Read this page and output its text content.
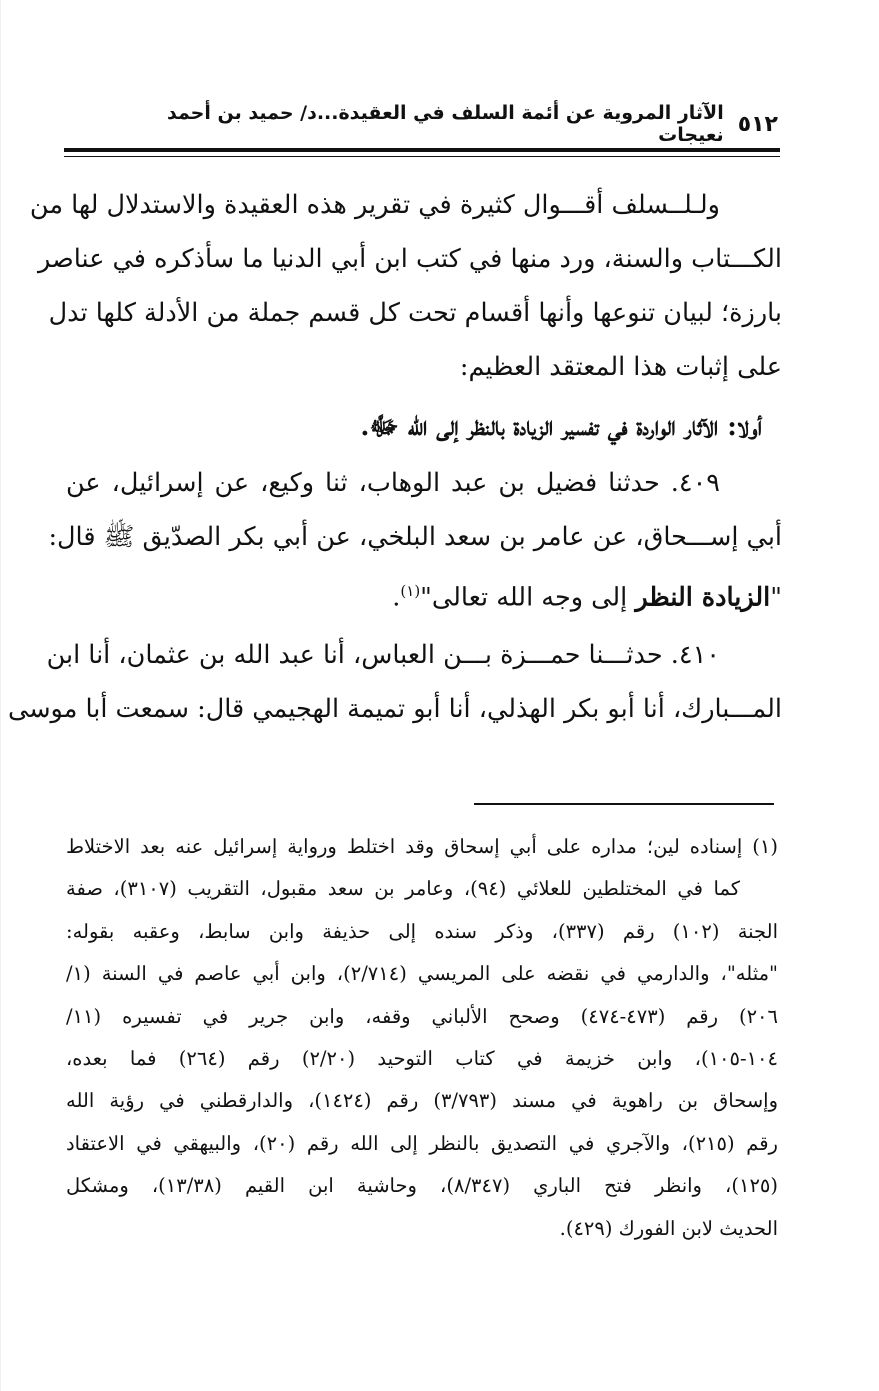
٥١٢
الآثار المروية عن أئمة السلف في العقيدة...د/ حميد بن أحمد نعيجات
ولـلــسلف أقـــوال كثيرة في تقرير هذه العقيدة والاستدلال لها من
الكـــتاب والسنة، ورد منها في كتب ابن أبي الدنيا ما سأذكره في عناصر
بارزة؛ لبيان تنوعها وأنها أقسام تحت كل قسم جملة من الأدلة كلها تدل
على إثبات هذا المعتقد العظيم:
أولا: الآثار الواردة في تفسير الزيادة بالنظر إلى الله ﷻ.
٤٠٩. حدثنا فضيل بن عبد الوهاب، ثنا وكيع، عن إسرائيل، عن
أبي إســـحاق، عن عامر بن سعد البلخي، عن أبي بكر الصدّيق ﷺ قال:
"الزيادة النظر إلى وجه الله تعالى"$^{(١)}$.
٤١٠. حدثـــنا حمـــزة بـــن العباس، أنا عبد الله بن عثمان، أنا ابن
المـــبارك، أنا أبو بكر الهذلي، أنا أبو تميمة الهجيمي قال: سمعت أبا موسى
(١) إسناده لين؛ مداره على أبي إسحاق وقد اختلط ورواية إسرائيل عنه بعد الاختلاط
كما في المختلطين للعلائي (٩٤)، وعامر بن سعد مقبول، التقريب (٣١٠٧)، صفة
الجنة (١٠٢) رقم (٣٣٧)، وذكر سنده إلى حذيفة وابن سابط، وعقبه بقوله:
"مثله"، والدارمي في نقضه على المريسي (٢/٧١٤)، وابن أبي عاصم في السنة (١/
٢٠٦) رقم (٤٧٣-٤٧٤) وصحح الألباني وقفه، وابن جرير في تفسيره (١١/
١٠٤-١٠٥)، وابن خزيمة في كتاب التوحيد (٢/٢٠) رقم (٢٦٤) فما بعده،
وإسحاق بن راهوية في مسند (٣/٧٩٣) رقم (١٤٢٤)، والدارقطني في رؤية الله
رقم (٢١٥)، والآجري في التصديق بالنظر إلى الله رقم (٢٠)، والبيهقي في الاعتقاد
(١٢٥)، وانظر فتح الباري (٨/٣٤٧)، وحاشية ابن القيم (١٣/٣٨)، ومشكل
الحديث لابن الفورك (٤٢٩).
